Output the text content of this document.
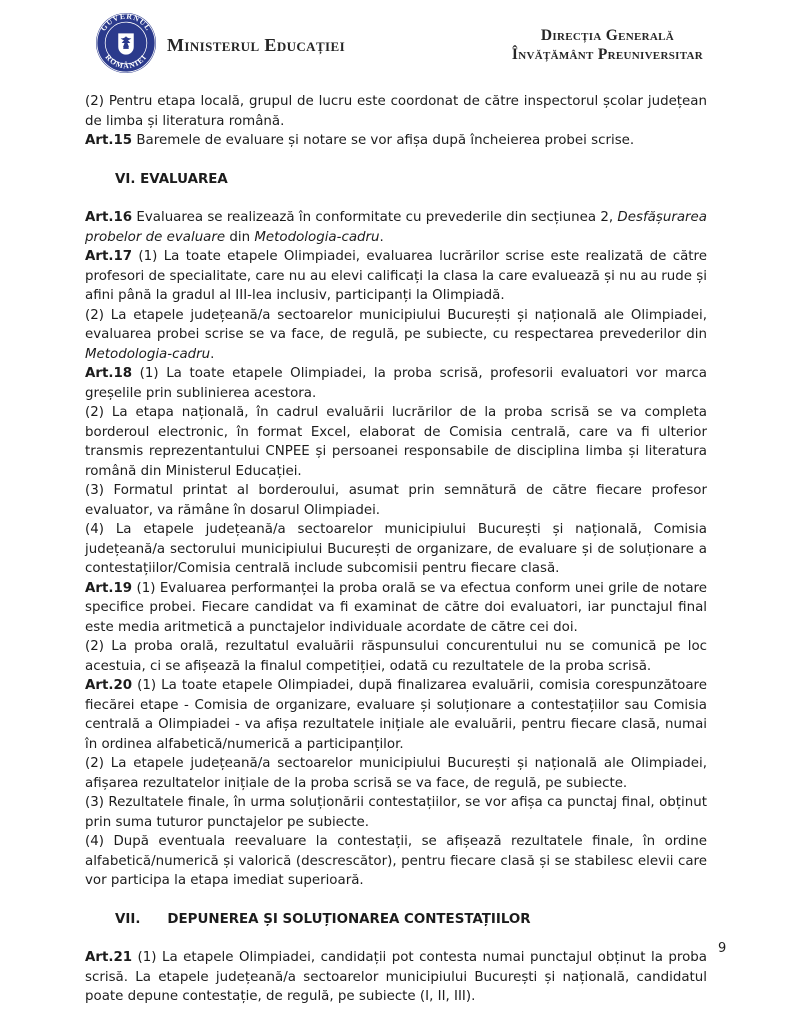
GUVERNUL
ROMÂNIEI
Ministerul Educației	Direcția Generală
Învățământ Preuniversitar

(2) Pentru etapa locală, grupul de lucru este coordonat de către inspectorul școlar județean de limba și literatura română.

Art.15 Baremele de evaluare și notare se vor afișa după încheierea probei scrise.

VI. EVALUAREA

Art.16 Evaluarea se realizează în conformitate cu prevederile din secțiunea 2, Desfășurarea probelor de evaluare din Metodologia-cadru.

Art.17 (1) La toate etapele Olimpiadei, evaluarea lucrărilor scrise este realizată de către profesori de specialitate, care nu au elevi calificați la clasa la care evaluează și nu au rude și afini până la gradul al III-lea inclusiv, participanți la Olimpiadă.

(2) La etapele județeană/a sectoarelor municipiului București și națională ale Olimpiadei, evaluarea probei scrise se va face, de regulă, pe subiecte, cu respectarea prevederilor din Metodologia-cadru.

Art.18 (1) La toate etapele Olimpiadei, la proba scrisă, profesorii evaluatori vor marca greșelile prin sublinierea acestora.

(2) La etapa națională, în cadrul evaluării lucrărilor de la proba scrisă se va completa borderoul electronic, în format Excel, elaborat de Comisia centrală, care va fi ulterior transmis reprezentantului CNPEE și persoanei responsabile de disciplina limba și literatura română din Ministerul Educației.

(3) Formatul printat al borderoului, asumat prin semnătură de către fiecare profesor evaluator, va rămâne în dosarul Olimpiadei.

(4) La etapele județeană/a sectoarelor municipiului București și națională, Comisia județeană/a sectorului municipiului București de organizare, de evaluare și de soluționare a contestațiilor/Comisia centrală include subcomisii pentru fiecare clasă.

Art.19 (1) Evaluarea performanței la proba orală se va efectua conform unei grile de notare specifice probei. Fiecare candidat va fi examinat de către doi evaluatori, iar punctajul final este media aritmetică a punctajelor individuale acordate de către cei doi.

(2) La proba orală, rezultatul evaluării răspunsului concurentului nu se comunică pe loc acestuia, ci se afișează la finalul competiției, odată cu rezultatele de la proba scrisă.

Art.20 (1) La toate etapele Olimpiadei, după finalizarea evaluării, comisia corespunzătoare fiecărei etape - Comisia de organizare, evaluare și soluționare a contestațiilor sau Comisia centrală a Olimpiadei - va afișa rezultatele inițiale ale evaluării, pentru fiecare clasă, numai în ordinea alfabetică/numerică a participanților.

(2) La etapele județeană/a sectoarelor municipiului București și națională ale Olimpiadei, afișarea rezultatelor inițiale de la proba scrisă se va face, de regulă, pe subiecte.

(3) Rezultatele finale, în urma soluționării contestațiilor, se vor afișa ca punctaj final, obținut prin suma tuturor punctajelor pe subiecte.

(4) După eventuala reevaluare la contestații, se afișează rezultatele finale, în ordine alfabetică/numerică și valorică (descrescător), pentru fiecare clasă și se stabilesc elevii care vor participa la etapa imediat superioară.

VII. DEPUNEREA ȘI SOLUȚIONAREA CONTESTAȚIILOR

Art.21 (1) La etapele Olimpiadei, candidații pot contesta numai punctajul obținut la proba scrisă. La etapele județeană/a sectoarelor municipiului București și națională, candidatul poate depune contestație, de regulă, pe subiecte (I, II, III).

9
